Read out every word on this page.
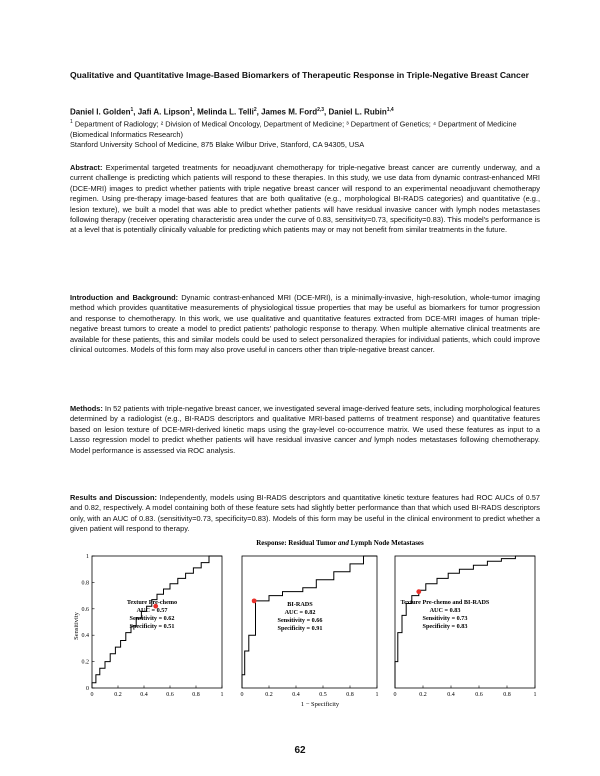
Qualitative and Quantitative Image-Based Biomarkers of Therapeutic Response in Triple-Negative Breast Cancer
Daniel I. Golden$^1$, Jafi A. Lipson$^1$, Melinda L. Telli$^2$, James M. Ford$^{2,3}$, Daniel L. Rubin$^{1,4}$
$^1$ Department of Radiology; ² Division of Medical Oncology, Department of Medicine; ³ Department of Genetics; ⁴ Department of Medicine (Biomedical Informatics Research)
Stanford University School of Medicine, 875 Blake Wilbur Drive, Stanford, CA 94305, USA

Abstract: Experimental targeted treatments for neoadjuvant chemotherapy for triple-negative breast cancer are currently underway, and a current challenge is predicting which patients will respond to these therapies. In this study, we use data from dynamic contrast-enhanced MRI (DCE-MRI) images to predict whether patients with triple negative breast cancer will respond to an experimental neoadjuvant chemotherapy regimen. Using pre-therapy image-based features that are both qualitative (e.g., morphological BI-RADS categories) and quantitative (e.g., lesion texture), we built a model that was able to predict whether patients will have residual invasive cancer with lymph nodes metastases following therapy (receiver operating characteristic area under the curve of 0.83, sensitivity=0.73, specificity=0.83). This model's performance is at a level that is potentially clinically valuable for predicting which patients may or may not benefit from similar treatments in the future.

Introduction and Background: Dynamic contrast-enhanced MRI (DCE-MRI), is a minimally-invasive, high-resolution, whole-tumor imaging method which provides quantitative measurements of physiological tissue properties that may be useful as biomarkers for tumor progression and response to chemotherapy. In this work, we use qualitative and quantitative features extracted from DCE-MRI images of human triple-negative breast tumors to create a model to predict patients' pathologic response to therapy. When multiple alternative clinical treatments are available for these patients, this and similar models could be used to select personalized therapies for individual patients, which could improve clinical outcomes. Models of this form may also prove useful in cancers other than triple-negative breast cancer.

Methods: In 52 patients with triple-negative breast cancer, we investigated several image-derived feature sets, including morphological features determined by a radiologist (e.g., BI-RADS descriptors and qualitative MRI-based patterns of treatment response) and quantitative features based on lesion texture of DCE-MRI-derived kinetic maps using the gray-level co-occurrence matrix. We used these features as input to a Lasso regression model to predict whether patients will have residual invasive cancer and lymph nodes metastases following chemotherapy. Model performance is assessed via ROC analysis.

Results and Discussion: Independently, models using BI-RADS descriptors and quantitative kinetic texture features had ROC AUCs of 0.57 and 0.82, respectively. A model containing both of these feature sets had slightly better performance than that which used BI-RADS descriptors only, with an AUC of 0.83. (sensitivity=0.73, specificity=0.83). Models of this form may be useful in the clinical environment to predict whether a given patient will respond to therapy.

Response: Residual Tumor and Lymph Node Metastases
Sensitivity
1 − Specificity
0	0.2	0.4	0.6	0.8	1
0
0.2
0.4
0.6
0.8
1
Texture Pre-chemo
AUC = 0.57
Sensitivity = 0.62
Specificity = 0.51
0	0.2	0.4	0.5	0.8	1
BI-RADS
AUC = 0.82
Sensitivity = 0.66
Specificity = 0.91
0	0.2	0.4	0.6	0.8	1
Texture Pre-chemo and BI-RADS
AUC = 0.83
Sensitivity = 0.73
Specificity = 0.83
62
